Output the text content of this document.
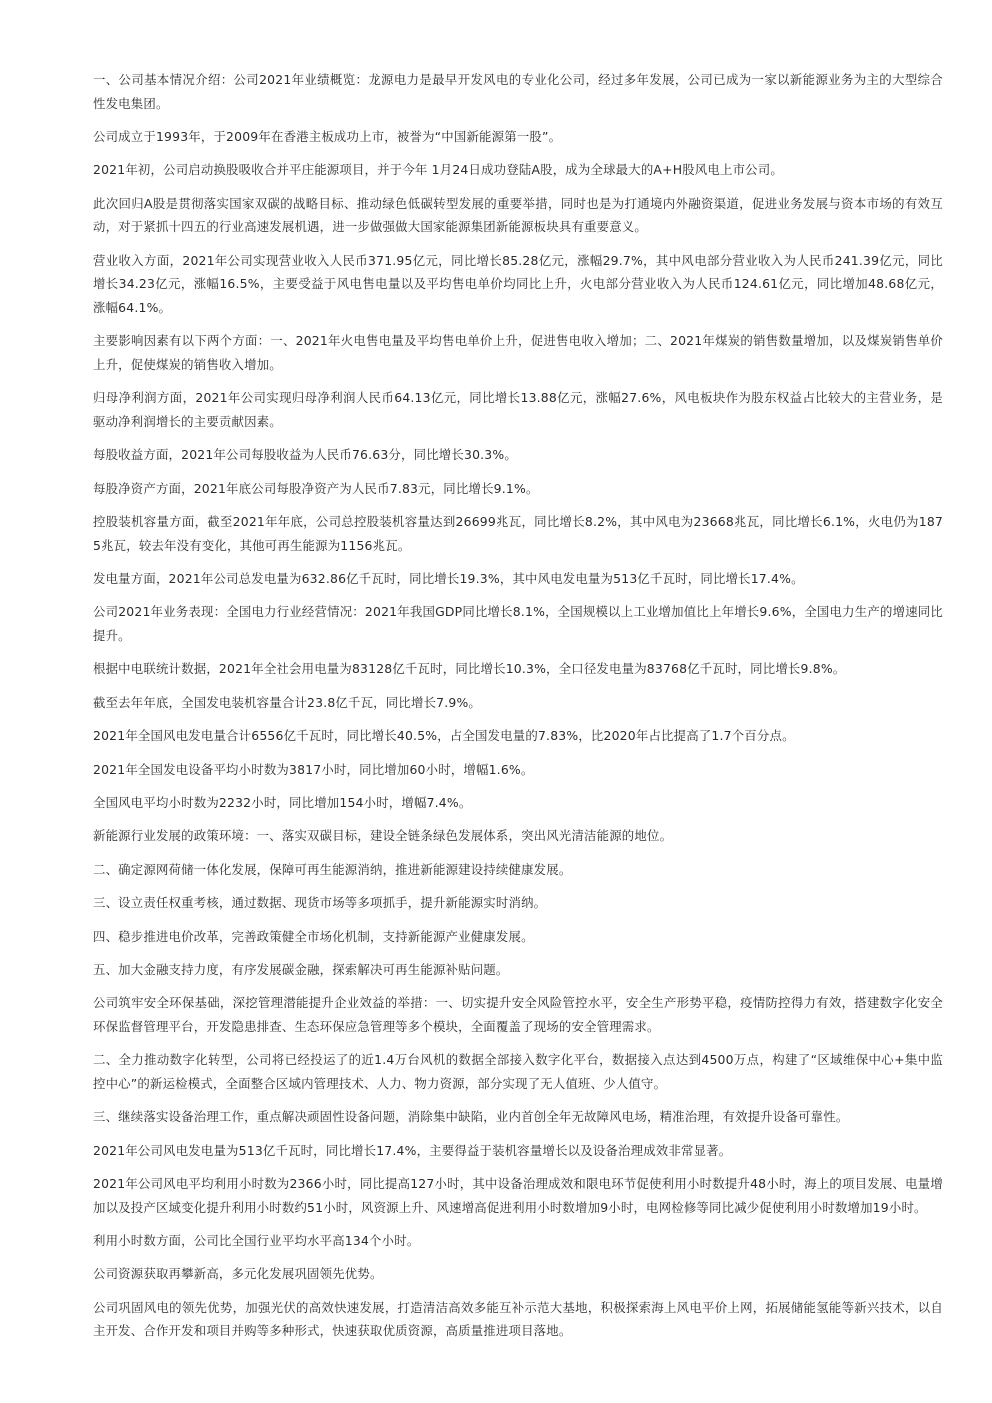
一、公司基本情况介绍：公司2021年业绩概览：龙源电力是最早开发风电的专业化公司，经过多年发展，公司已成为一家以新能源业务为主的大型综合性发电集团。

公司成立于1993年，于2009年在香港主板成功上市，被誉为“中国新能源第一股”。

2021年初，公司启动换股吸收合并平庄能源项目，并于今年 1月24日成功登陆A股，成为全球最大的A+H股风电上市公司。

此次回归A股是贯彻落实国家双碳的战略目标、推动绿色低碳转型发展的重要举措，同时也是为打通境内外融资渠道，促进业务发展与资本市场的有效互动，对于紧抓十四五的行业高速发展机遇，进一步做强做大国家能源集团新能源板块具有重要意义。

营业收入方面，2021年公司实现营业收入人民币371.95亿元，同比增长85.28亿元，涨幅29.7%，其中风电部分营业收入为人民币241.39亿元，同比增长34.23亿元，涨幅16.5%，主要受益于风电售电量以及平均售电单价均同比上升，火电部分营业收入为人民币124.61亿元，同比增加48.68亿元，涨幅64.1%。

主要影响因素有以下两个方面：一、2021年火电售电量及平均售电单价上升，促进售电收入增加；二、2021年煤炭的销售数量增加，以及煤炭销售单价上升，促使煤炭的销售收入增加。

归母净利润方面，2021年公司实现归母净利润人民币64.13亿元，同比增长13.88亿元，涨幅27.6%，风电板块作为股东权益占比较大的主营业务，是驱动净利润增长的主要贡献因素。

每股收益方面，2021年公司每股收益为人民币76.63分，同比增长30.3%。

每股净资产方面，2021年底公司每股净资产为人民币7.83元，同比增长9.1%。

控股装机容量方面，截至2021年年底，公司总控股装机容量达到26699兆瓦，同比增长8.2%，其中风电为23668兆瓦，同比增长6.1%，火电仍为1875兆瓦，较去年没有变化，其他可再生能源为1156兆瓦。

发电量方面，2021年公司总发电量为632.86亿千瓦时，同比增长19.3%，其中风电发电量为513亿千瓦时，同比增长17.4%。

公司2021年业务表现：全国电力行业经营情况：2021年我国GDP同比增长8.1%，全国规模以上工业增加值比上年增长9.6%，全国电力生产的增速同比提升。

根据中电联统计数据，2021年全社会用电量为83128亿千瓦时，同比增长10.3%，全口径发电量为83768亿千瓦时，同比增长9.8%。

截至去年年底，全国发电装机容量合计23.8亿千瓦，同比增长7.9%。

2021年全国风电发电量合计6556亿千瓦时，同比增长40.5%，占全国发电量的7.83%，比2020年占比提高了1.7个百分点。

2021年全国发电设备平均小时数为3817小时，同比增加60小时，增幅1.6%。

全国风电平均小时数为2232小时，同比增加154小时，增幅7.4%。

新能源行业发展的政策环境：一、落实双碳目标，建设全链条绿色发展体系，突出风光清洁能源的地位。

二、确定源网荷储一体化发展，保障可再生能源消纳，推进新能源建设持续健康发展。

三、设立责任权重考核，通过数据、现货市场等多项抓手，提升新能源实时消纳。

四、稳步推进电价改革，完善政策健全市场化机制，支持新能源产业健康发展。

五、加大金融支持力度，有序发展碳金融，探索解决可再生能源补贴问题。

公司筑牢安全环保基础，深挖管理潜能提升企业效益的举措：一、切实提升安全风险管控水平，安全生产形势平稳，疫情防控得力有效，搭建数字化安全环保监督管理平台，开发隐患排查、生态环保应急管理等多个模块，全面覆盖了现场的安全管理需求。

二、全力推动数字化转型，公司将已经投运了的近1.4万台风机的数据全部接入数字化平台，数据接入点达到4500万点，构建了“区域维保中心+集中监控中心”的新运检模式，全面整合区域内管理技术、人力、物力资源，部分实现了无人值班、少人值守。

三、继续落实设备治理工作，重点解决顽固性设备问题，消除集中缺陷，业内首创全年无故障风电场，精准治理，有效提升设备可靠性。

2021年公司风电发电量为513亿千瓦时，同比增长17.4%，主要得益于装机容量增长以及设备治理成效非常显著。

2021年公司风电平均利用小时数为2366小时，同比提高127小时，其中设备治理成效和限电环节促使利用小时数提升48小时，海上的项目发展、电量增加以及投产区域变化提升利用小时数约51小时，风资源上升、风速增高促进利用小时数增加9小时，电网检修等同比减少促使利用小时数增加19小时。

利用小时数方面，公司比全国行业平均水平高134个小时。

公司资源获取再攀新高，多元化发展巩固领先优势。

公司巩固风电的领先优势，加强光伏的高效快速发展，打造清洁高效多能互补示范大基地，积极探索海上风电平价上网，拓展储能氢能等新兴技术，以自主开发、合作开发和项目并购等多种形式，快速获取优质资源，高质量推进项目落地。
